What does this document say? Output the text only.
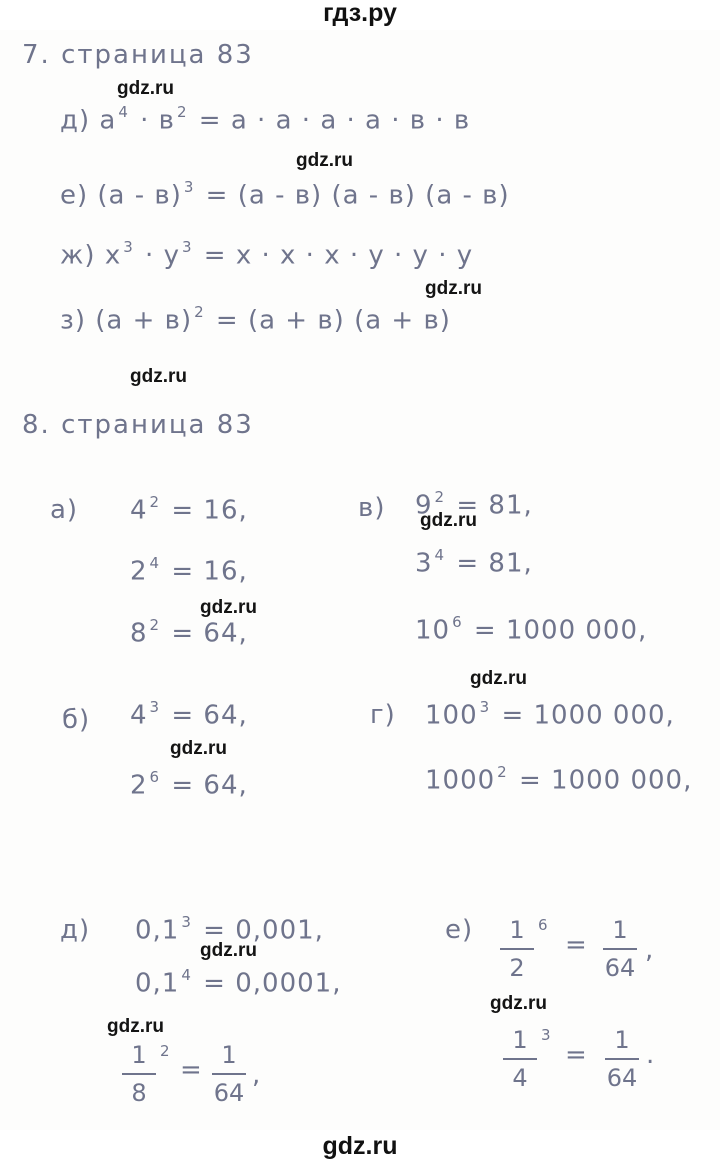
гдз.ру
7. страница 83
д) a $^4$ · в $^2$ = a · a · a · a · в · в
е) (a - в) $^3$ = (a - в) (a - в) (a - в)
ж) x $^3$ · y $^3$ = x · x · x · y · y · y
з) (a + в) $^2$ = (a + в) (a + в)
8. страница 83
а) 4 $^2$ = 16,
2 $^4$ = 16,
8 $^2$ = 64,
в) 9 $^2$ = 81,
3 $^4$ = 81,
10 $^6$ = 1000 000,
б) 4 $^3$ = 64,
2 $^6$ = 64,
г) 100 $^3$ = 1000 000,
1000 $^2$ = 1000 000,
д) 0,1 $^3$ = 0,001,
0,1 $^4$ = 0,0001,
1
8
$^2$
= 1
64
,
е)	1
2
$^6$
=	1
64
,
1
4
$^3$
=	1
64
.
gdz.ru
gdz.ru
gdz.ru
gdz.ru
gdz.ru
gdz.ru
gdz.ru
gdz.ru
gdz.ru
gdz.ru
gdz.ru
gdz.ru
